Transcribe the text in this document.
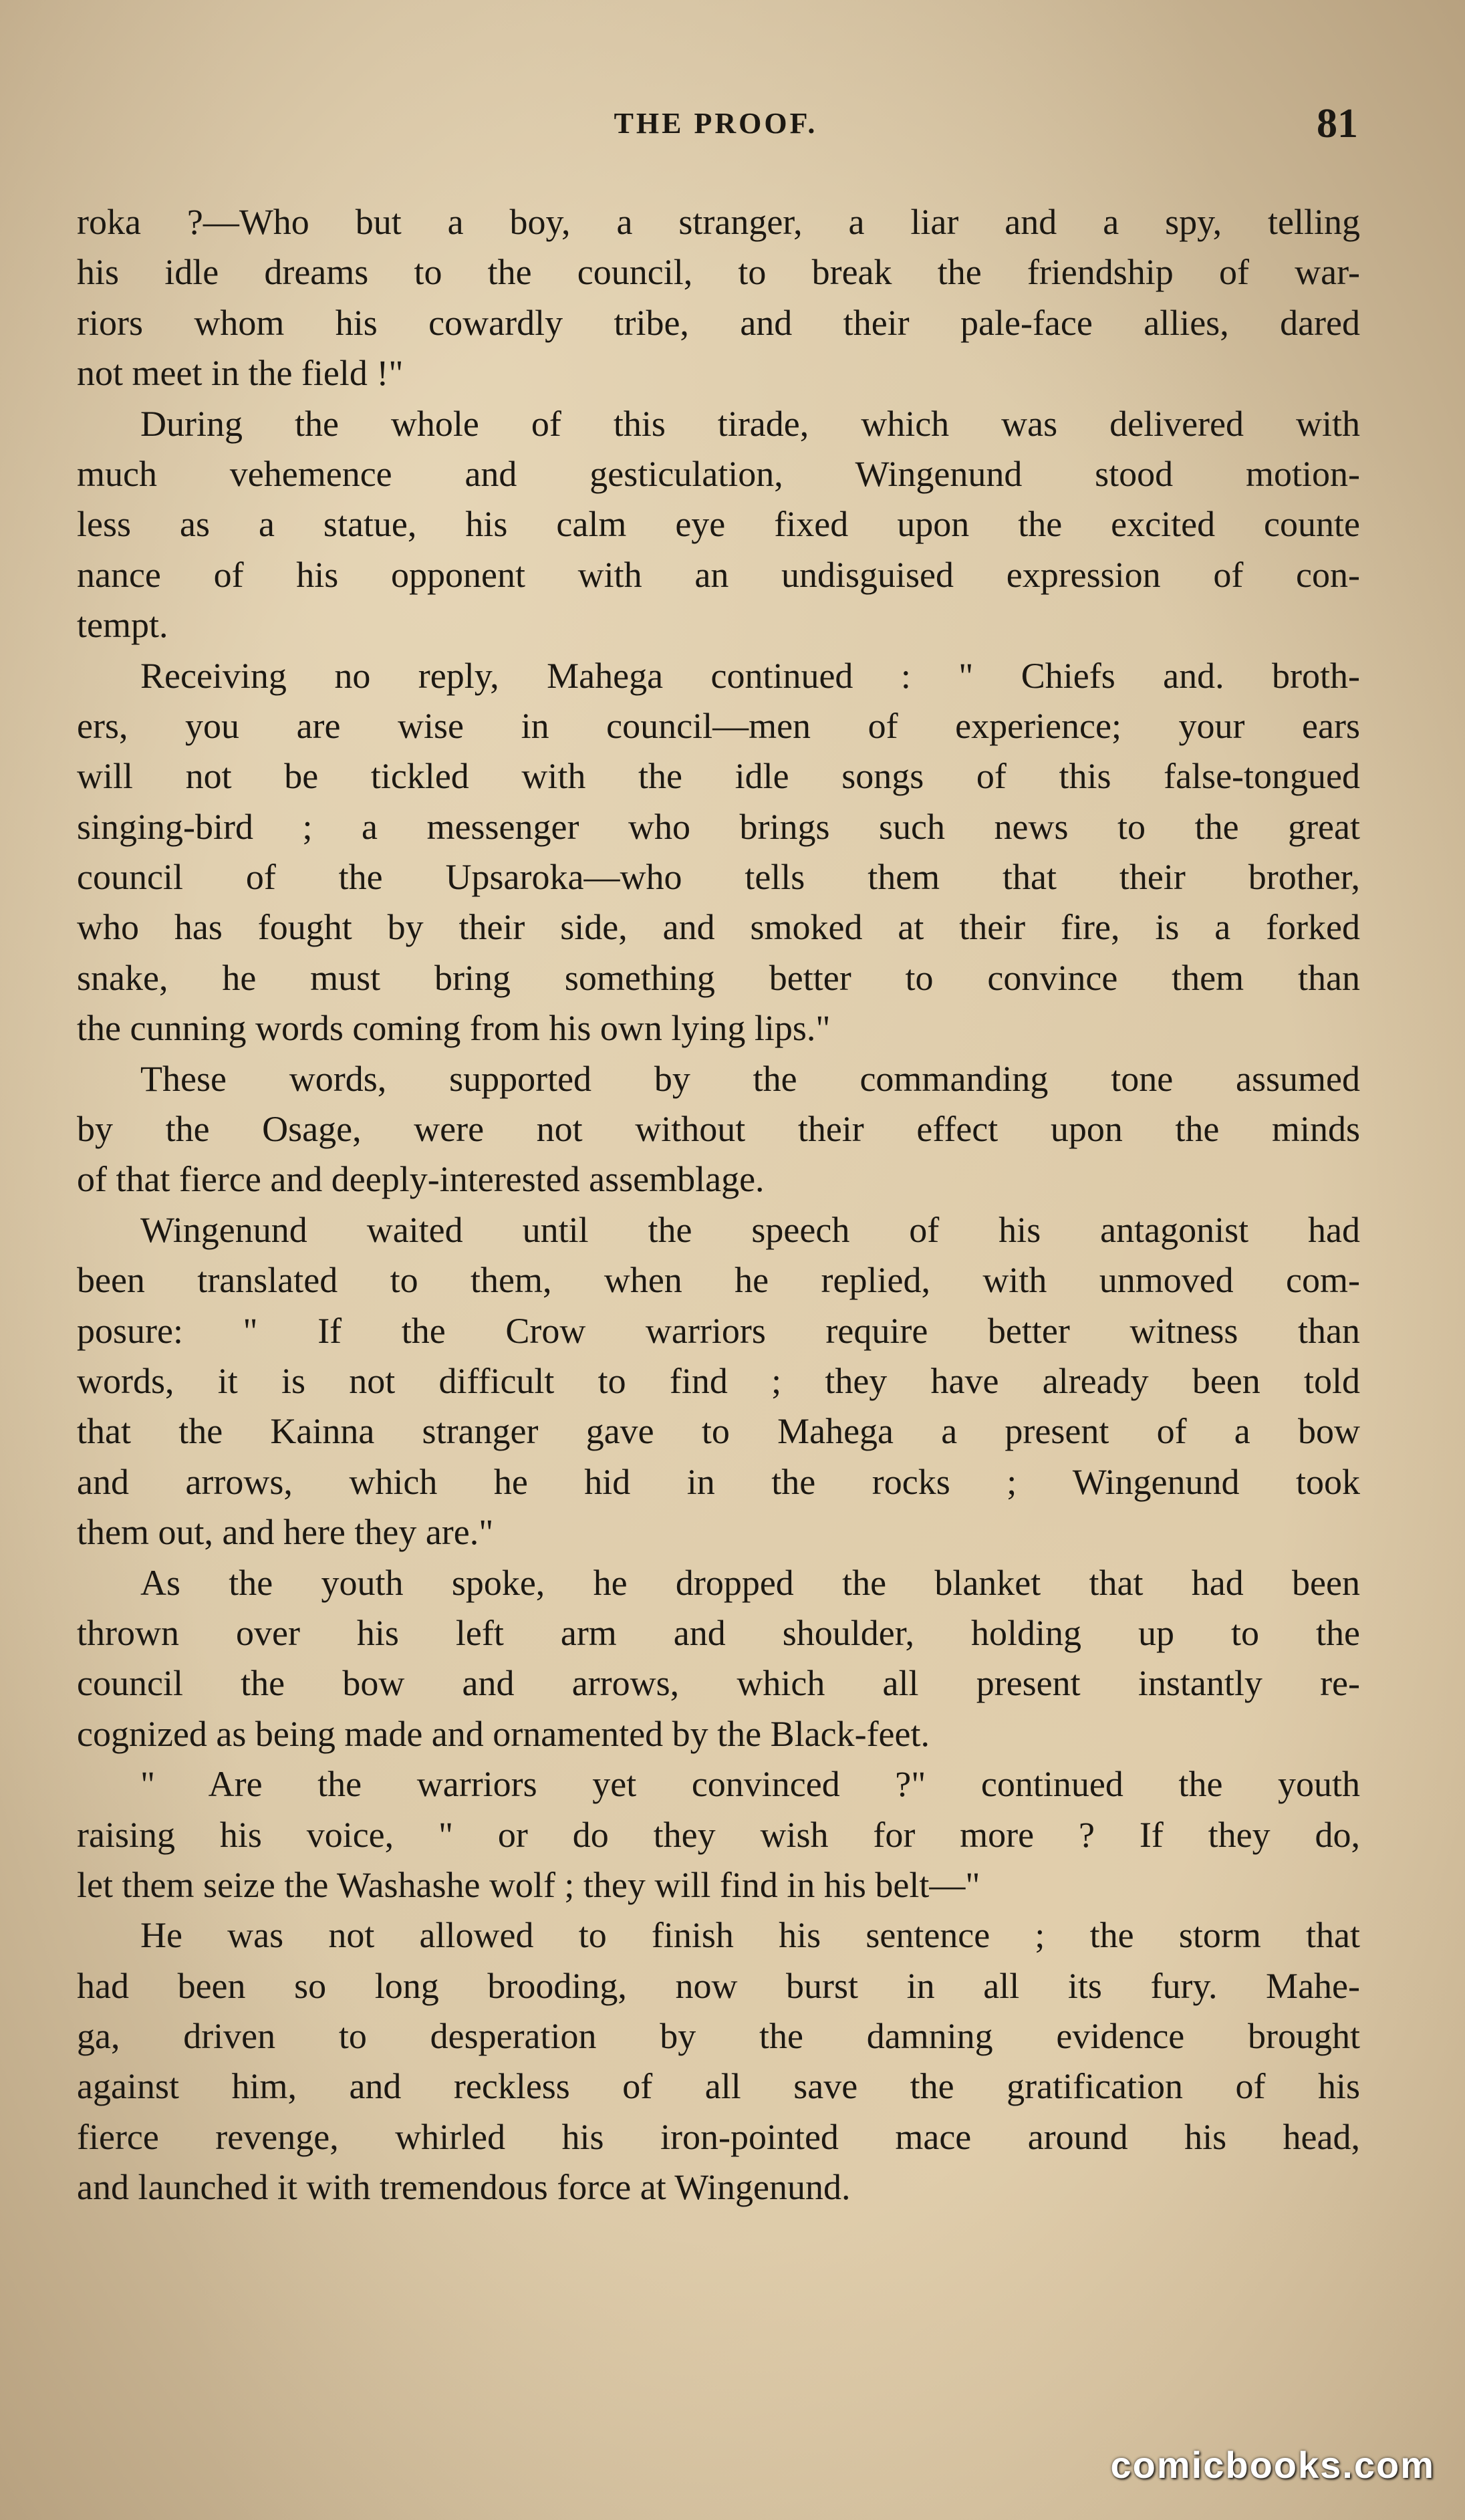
THE PROOF.	81
roka ?—Who but a boy, a stranger, a liar and a spy, telling
his idle dreams to the council, to break the friendship of war-
riors whom his cowardly tribe, and their pale-face allies, dared
not meet in the field !"
During the whole of this tirade, which was delivered with
much vehemence and gesticulation, Wingenund stood motion-
less as a statue, his calm eye fixed upon the excited counte
nance of his opponent with an undisguised expression of con-
tempt.
Receiving no reply, Mahega continued : " Chiefs and. broth-
ers, you are wise in council—men of experience; your ears
will not be tickled with the idle songs of this false-tongued
singing-bird ; a messenger who brings such news to the great
council of the Upsaroka—who tells them that their brother,
who has fought by their side, and smoked at their fire, is a forked
snake, he must bring something better to convince them than
the cunning words coming from his own lying lips."
These words, supported by the commanding tone assumed
by the Osage, were not without their effect upon the minds
of that fierce and deeply-interested assemblage.
Wingenund waited until the speech of his antagonist had
been translated to them, when he replied, with unmoved com-
posure: " If the Crow warriors require better witness than
words, it is not difficult to find ; they have already been told
that the Kainna stranger gave to Mahega a present of a bow
and arrows, which he hid in the rocks ; Wingenund took
them out, and here they are."
As the youth spoke, he dropped the blanket that had been
thrown over his left arm and shoulder, holding up to the
council the bow and arrows, which all present instantly re-
cognized as being made and ornamented by the Black-feet.
" Are the warriors yet convinced ?" continued the youth
raising his voice, " or do they wish for more ? If they do,
let them seize the Washashe wolf ; they will find in his belt—"
He was not allowed to finish his sentence ; the storm that
had been so long brooding, now burst in all its fury. Mahe-
ga, driven to desperation by the damning evidence brought
against him, and reckless of all save the gratification of his
fierce revenge, whirled his iron-pointed mace around his head,
and launched it with tremendous force at Wingenund.
comicbooks.com
